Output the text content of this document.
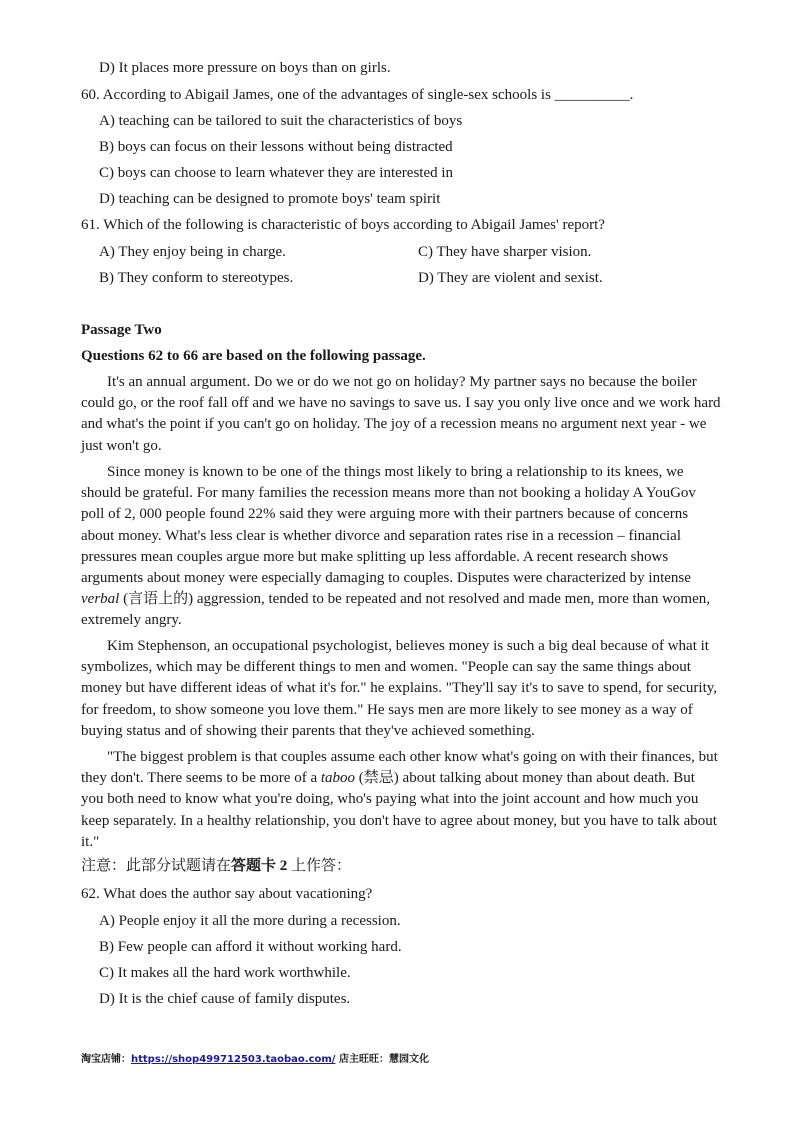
D) It places more pressure on boys than on girls.
60. According to Abigail James, one of the advantages of single-sex schools is __________.
A) teaching can be tailored to suit the characteristics of boys
B) boys can focus on their lessons without being distracted
C) boys can choose to learn whatever they are interested in
D) teaching can be designed to promote boys' team spirit
61. Which of the following is characteristic of boys according to Abigail James' report?
A) They enjoy being in charge.	C) They have sharper vision.
B) They conform to stereotypes.	D) They are violent and sexist.
Passage Two
Questions 62 to 66 are based on the following passage.

It's an annual argument. Do we or do we not go on holiday? My partner says no because the boiler could go, or the roof fall off and we have no savings to save us. I say you only live once and we work hard and what's the point if you can't go on holiday. The joy of a recession means no argument next year - we just won't go.

Since money is known to be one of the things most likely to bring a relationship to its knees, we should be grateful. For many families the recession means more than not booking a holiday A YouGov poll of 2, 000 people found 22% said they were arguing more with their partners because of concerns about money. What's less clear is whether divorce and separation rates rise in a recession – financial pressures mean couples argue more but make splitting up less affordable. A recent research shows arguments about money were especially damaging to couples. Disputes were characterized by intense verbal (言语上的) aggression, tended to be repeated and not resolved and made men, more than women, extremely angry.

Kim Stephenson, an occupational psychologist, believes money is such a big deal because of what it symbolizes, which may be different things to men and women. "People can say the same things about money but have different ideas of what it's for." he explains. "They'll say it's to save to spend, for security, for freedom, to show someone you love them." He says men are more likely to see money as a way of buying status and of showing their parents that they've achieved something.

"The biggest problem is that couples assume each other know what's going on with their finances, but they don't. There seems to be more of a taboo (禁忌) about talking about money than about death. But you both need to know what you're doing, who's paying what into the joint account and how much you keep separately. In a healthy relationship, you don't have to agree about money, but you have to talk about it."

注意：此部分试题请在答题卡 2 上作答：
62. What does the author say about vacationing?
A) People enjoy it all the more during a recession.
B) Few people can afford it without working hard.
C) It makes all the hard work worthwhile.
D) It is the chief cause of family disputes.
淘宝店铺：https://shop499712503.taobao.com/ 店主旺旺：慧园文化
